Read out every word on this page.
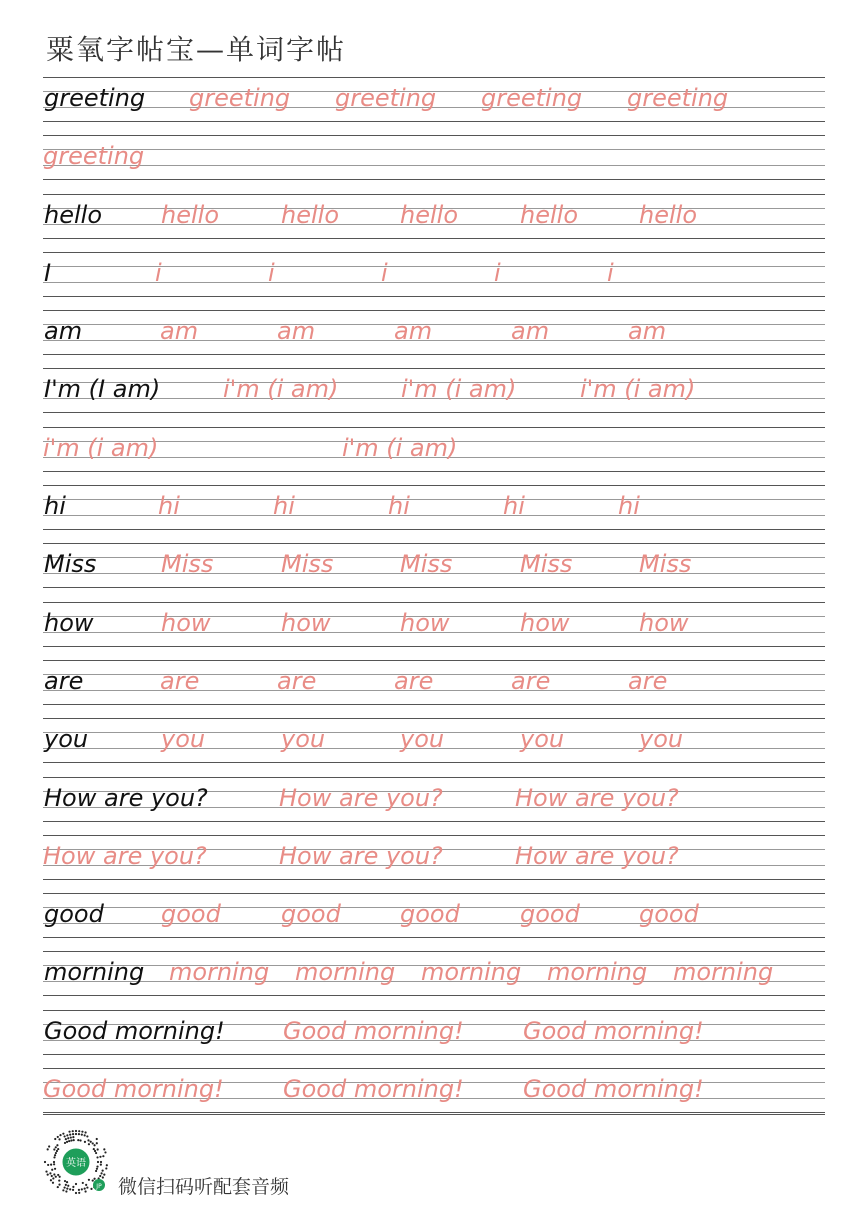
粟氧字帖宝—单词字帖
greeting greeting greeting greeting greeting
greeting
hello hello	hello	hello	hello	hello
I	i	i	i	i	i
am	am	am	am	am	am
I'm (I am)	i'm (i am)	i'm (i am)	i'm (i am)
i'm (i am)	i'm (i am)
hi	hi	hi	hi	hi	hi
Miss	Miss	Miss	Miss	Miss	Miss
how	how	how	how	how	how
are	are	are	are	are	are
you	you	you	you	you	you
How are you?	How are you?	How are you?
How are you?	How are you?	How are you?
good good	good good	good good
morning morning morning morning morning morning
Good morning! Good morning! Good morning!
Good morning! Good morning! Good morning!
英语
JP 微信扫码听配套音频
